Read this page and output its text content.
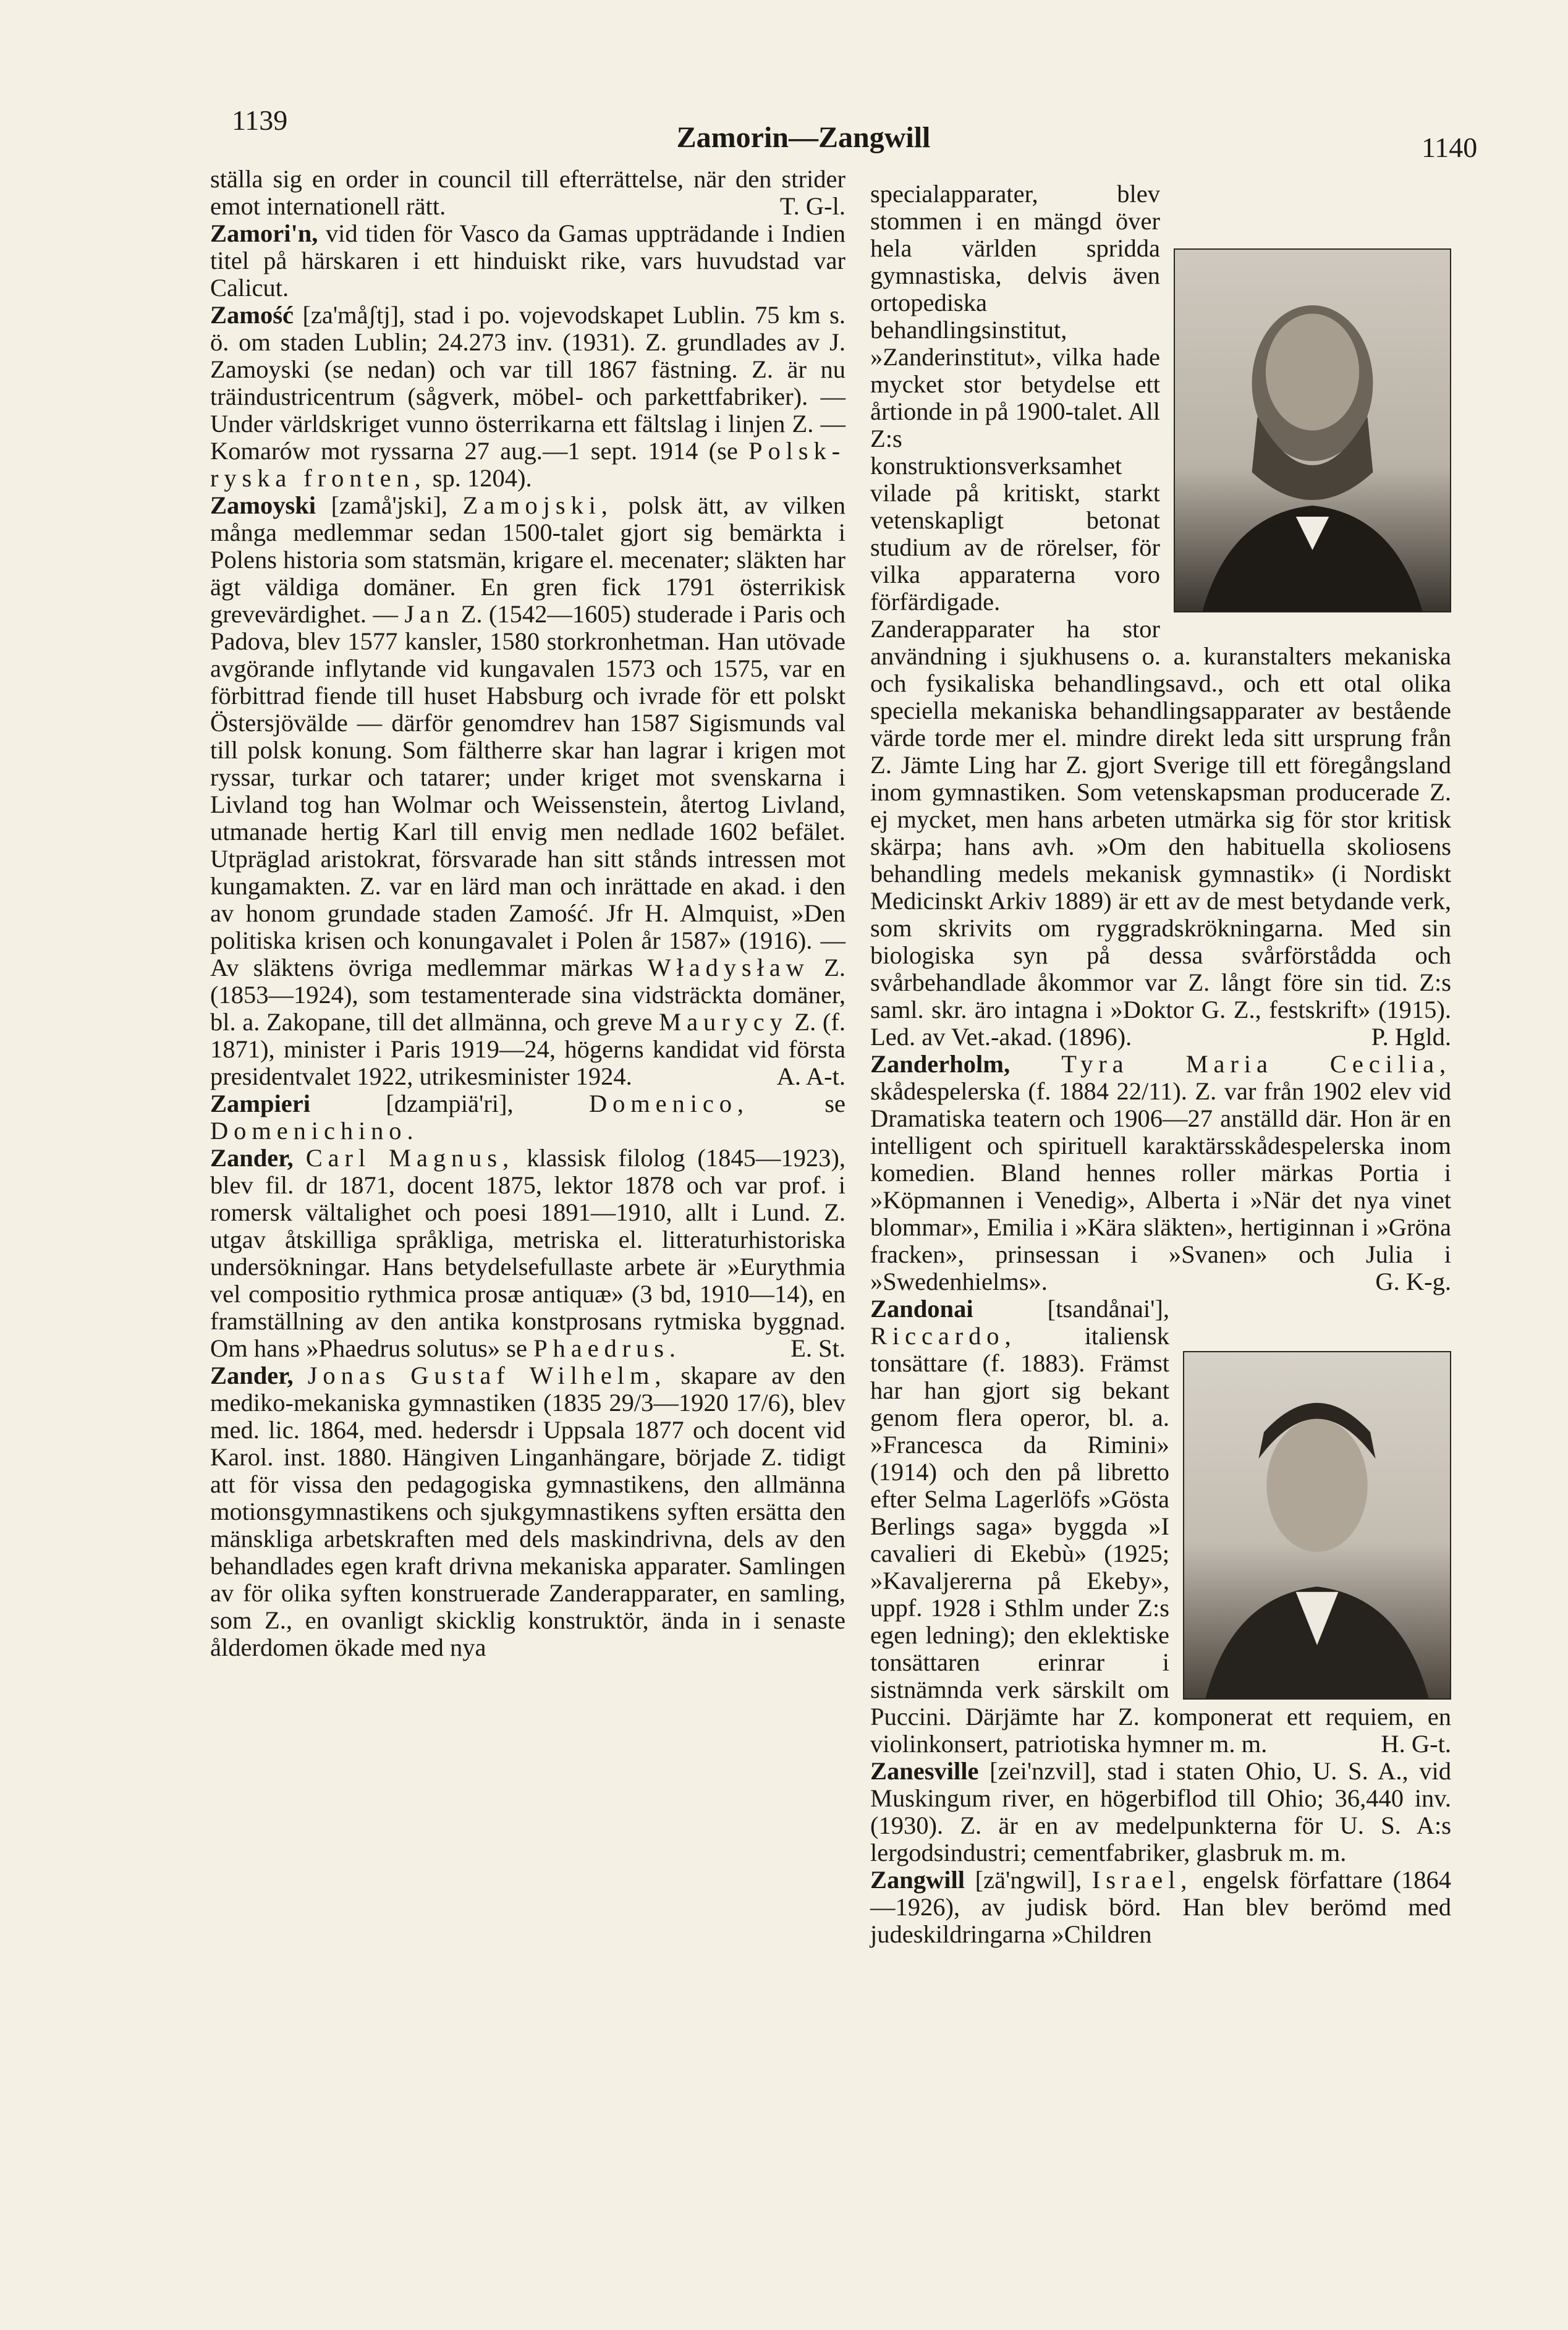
1139
Zamorin—Zangwill	1140

ställa sig en order in council till efterrättelse, när den strider emot internationell rätt.	T. G-l.

Zamori'n, vid tiden för Vasco da Gamas uppträdande i Indien titel på härskaren i ett hinduiskt rike, vars huvudstad var Calicut.

Zamość [za'måʃtj], stad i po. vojevodskapet Lublin. 75 km s. ö. om staden Lublin; 24.273 inv. (1931). Z. grundlades av J. Zamoyski (se nedan) och var till 1867 fästning. Z. är nu träindustricentrum (sågverk, möbel- och parkettfabriker). — Under världskriget vunno österrikarna ett fältslag i linjen Z. — Komarów mot ryssarna 27 aug.—1 sept. 1914 (se Polsk-ryska fronten, sp. 1204).

Zamoyski [zamå'jski], Zamojski, polsk ätt, av vilken många medlemmar sedan 1500-talet gjort sig bemärkta i Polens historia som statsmän, krigare el. mecenater; släkten har ägt väldiga domäner. En gren fick 1791 österrikisk grevevärdighet. — Jan Z. (1542—1605) studerade i Paris och Padova, blev 1577 kansler, 1580 storkronhetman. Han utövade avgörande inflytande vid kungavalen 1573 och 1575, var en förbittrad fiende till huset Habsburg och ivrade för ett polskt Östersjövälde — därför genomdrev han 1587 Sigismunds val till polsk konung. Som fältherre skar han lagrar i krigen mot ryssar, turkar och tatarer; under kriget mot svenskarna i Livland tog han Wolmar och Weissenstein, återtog Livland, utmanade hertig Karl till envig men nedlade 1602 befälet. Utpräglad aristokrat, försvarade han sitt stånds intressen mot kungamakten. Z. var en lärd man och inrättade en akad. i den av honom grundade staden Zamość. Jfr H. Almquist, »Den politiska krisen och konungavalet i Polen år 1587» (1916). — Av släktens övriga medlemmar märkas Władysław Z. (1853—1924), som testamenterade sina vidsträckta domäner, bl. a. Zakopane, till det allmänna, och greve Maurycy Z. (f. 1871), minister i Paris 1919—24, högerns kandidat vid första presidentvalet 1922, utrikesminister 1924.	A. A-t.

Zampieri	[dzampiä'ri],	Domenico,	se Domenichino.

Zander, Carl Magnus, klassisk filolog (1845—1923), blev fil. dr 1871, docent 1875, lektor 1878 och var prof. i romersk vältalighet och poesi 1891—1910, allt i Lund. Z. utgav åtskilliga språkliga, metriska el. litteraturhistoriska undersökningar. Hans betydelsefullaste arbete är »Eurythmia vel compositio rythmica prosæ antiquæ» (3 bd, 1910—14), en framställning av den antika konstprosans rytmiska byggnad. Om hans »Phaedrus solutus» se Phaedrus.	E. St.

Zander, Jonas Gustaf Wilhelm, skapare av den mediko-mekaniska gymnastiken (1835 29/3—1920 17/6), blev med. lic. 1864, med. hedersdr i Uppsala 1877 och docent vid Karol. inst. 1880. Hängiven Linganhängare, började Z. tidigt att för vissa den pedagogiska gymnastikens, den allmänna motionsgymnastikens och sjukgymnastikens syften ersätta den mänskliga arbetskraften med dels maskindrivna, dels av den behandlades egen kraft drivna mekaniska apparater. Samlingen av för olika syften konstruerade Zanderapparater, en samling, som Z., en ovanligt skicklig konstruktör, ända in i senaste ålderdomen ökade med nya

specialapparater, blev stommen i en mängd över hela världen spridda gymnastiska, delvis även ortopediska behandlingsinstitut, »Zanderinstitut», vilka hade mycket stor betydelse ett årtionde in på 1900-talet. All Z:s konstruktionsverksamhet vilade på kritiskt, starkt vetenskapligt betonat studium av de rörelser, för vilka apparaterna voro förfärdigade. Zanderapparater ha stor användning i sjukhusens o. a. kuranstalters mekaniska och fysikaliska behandlingsavd., och ett otal olika speciella mekaniska behandlingsapparater av bestående värde torde mer el. mindre direkt leda sitt ursprung från Z. Jämte Ling har Z. gjort Sverige till ett föregångsland inom gymnastiken. Som vetenskapsman producerade Z. ej mycket, men hans arbeten utmärka sig för stor kritisk skärpa; hans avh. »Om den habituella skoliosens behandling medels mekanisk gymnastik» (i Nordiskt Medicinskt Arkiv 1889) är ett av de mest betydande verk, som skrivits om ryggradskrökningarna. Med sin biologiska syn på dessa svårförstådda och svårbehandlade åkommor var Z. långt före sin tid. Z:s saml. skr. äro intagna i »Doktor G. Z., festskrift» (1915). Led. av Vet.-akad. (1896).	P. Hgld.

Zanderholm, Tyra Maria Cecilia, skådespelerska (f. 1884 22/11). Z. var från 1902 elev vid Dramatiska teatern och 1906—27 anställd där. Hon är en intelligent och spirituell karaktärsskådespelerska inom komedien. Bland hennes roller märkas Portia i »Köpmannen i Venedig», Alberta i »När det nya vinet blommar», Emilia i »Kära släkten», hertiginnan i »Gröna fracken», prinsessan i »Svanen» och Julia i »Swedenhielms».	G. K-g.

Zandonai	[tsandånai'], Riccardo,	italiensk tonsättare (f. 1883). Främst har han gjort sig bekant genom flera operor, bl. a. »Francesca da Rimini» (1914) och den på libretto efter Selma Lagerlöfs »Gösta Berlings saga» byggda »I cavalieri di Ekebù» (1925; »Kavaljererna på Ekeby», uppf. 1928 i Sthlm under Z:s egen ledning); den eklektiske tonsättaren erinrar i sistnämnda verk särskilt om Puccini. Därjämte har Z. komponerat ett requiem, en violinkonsert, patriotiska hymner m. m.	H. G-t.

Zanesville [zei'nzvil], stad i staten Ohio, U. S. A., vid Muskingum river, en högerbiflod till Ohio; 36,440 inv. (1930). Z. är en av medelpunkterna för U. S. A:s lergodsindustri; cementfabriker, glasbruk m. m.

Zangwill [zä'ngwil], Israel, engelsk författare (1864—1926), av judisk börd. Han blev berömd med judeskildringarna »Children
